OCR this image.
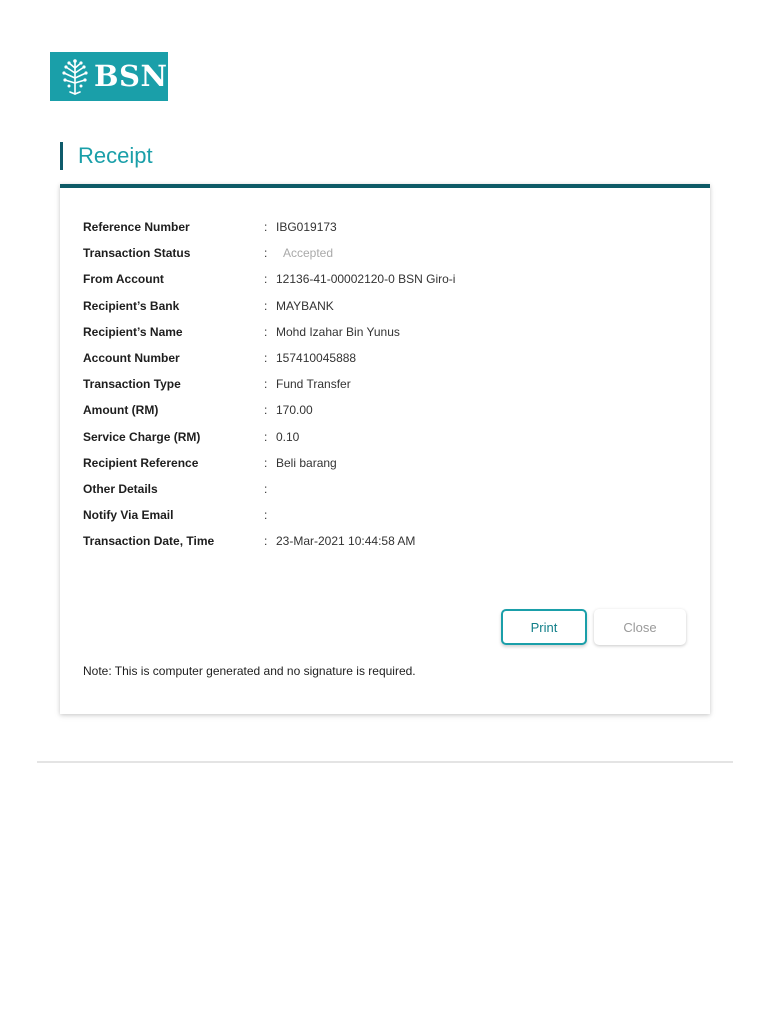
BSN
Receipt
Reference Number	: IBG019173
Transaction Status	:	Accepted
From Account	: 12136-41-00002120-0 BSN Giro-i
Recipient’s Bank	: MAYBANK
Recipient’s Name	: Mohd Izahar Bin Yunus
Account Number	: 157410045888
Transaction Type	: Fund Transfer
Amount (RM)	: 170.00
Service Charge (RM)	: 0.10
Recipient Reference	: Beli barang
Other Details	:
Notify Via Email	:
Transaction Date, Time	: 23-Mar-2021 10:44:58 AM
Print	Close
Note: This is computer generated and no signature is required.
